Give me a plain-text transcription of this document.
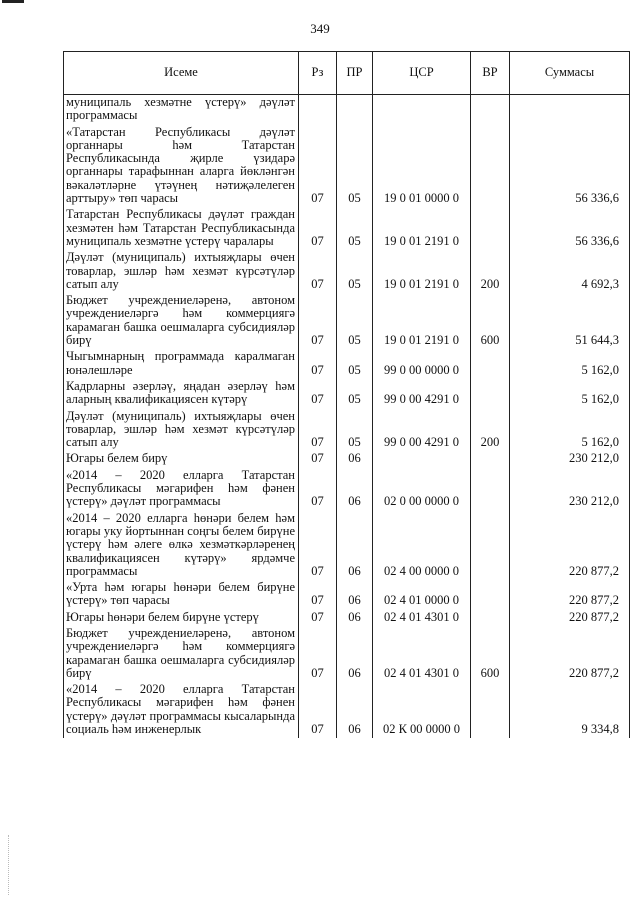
349
Исеме	Рз	ПР	ЦСР	ВР	Суммасы
муниципаль хезмәтне үстерү» дәүләт программасы					
«Татарстан Республикасы дәүләт органнары һәм Татарстан Республикасында җирле үзидарә органнары тарафыннан аларга йөкләнгән вәкаләтләрне үтәүнең нәтиҗәлелеген арттыру» төп чарасы	07	05	19 0 01 0000 0		56 336,6
Татарстан Республикасы дәүләт граждан хезмәтен һәм Татарстан Республикасында муниципаль хезмәтне үстерү чаралары	07	05	19 0 01 2191 0		56 336,6
Дәүләт (муниципаль) ихтыяҗлары өчен товарлар, эшләр һәм хезмәт күрсәтүләр сатып алу	07	05	19 0 01 2191 0	200	4 692,3
Бюджет учреждениеләренә, автоном учреждениеләргә һәм коммерциягә карамаган башка оешмаларга субсидияләр бирү	07	05	19 0 01 2191 0	600	51 644,3
Чыгымнарның программада каралмаган юнәлешләре	07	05	99 0 00 0000 0		5 162,0
Кадрларны әзерләү, яңадан әзерләү һәм аларның квалификациясен күтәрү	07	05	99 0 00 4291 0		5 162,0
Дәүләт (муниципаль) ихтыяҗлары өчен товарлар, эшләр һәм хезмәт күрсәтүләр сатып алу	07	05	99 0 00 4291 0	200	5 162,0
Югары белем бирү	07	06			230 212,0
«2014 – 2020 елларга Татарстан Республикасы мәгарифен һәм фәнен үстерү» дәүләт программасы	07	06	02 0 00 0000 0		230 212,0
«2014 – 2020 елларга һөнәри белем һәм югары уку йортыннан соңгы белем бирүне үстерү һәм әлеге өлкә хезмәткәрләренең квалификациясен күтәрү» ярдәмче программасы	07	06	02 4 00 0000 0		220 877,2
«Урта һәм югары һөнәри белем бирүне үстерү» төп чарасы	07	06	02 4 01 0000 0		220 877,2
Югары һөнәри белем бирүне үстерү	07	06	02 4 01 4301 0		220 877,2
Бюджет учреждениеләренә, автоном учреждениеләргә һәм коммерциягә карамаган башка оешмаларга субсидияләр бирү	07	06	02 4 01 4301 0	600	220 877,2
«2014 – 2020 елларга Татарстан Республикасы мәгарифен һәм фәнен үстерү» дәүләт программасы кысаларында социаль һәм инженерлык	07	06	02 К 00 0000 0		9 334,8
